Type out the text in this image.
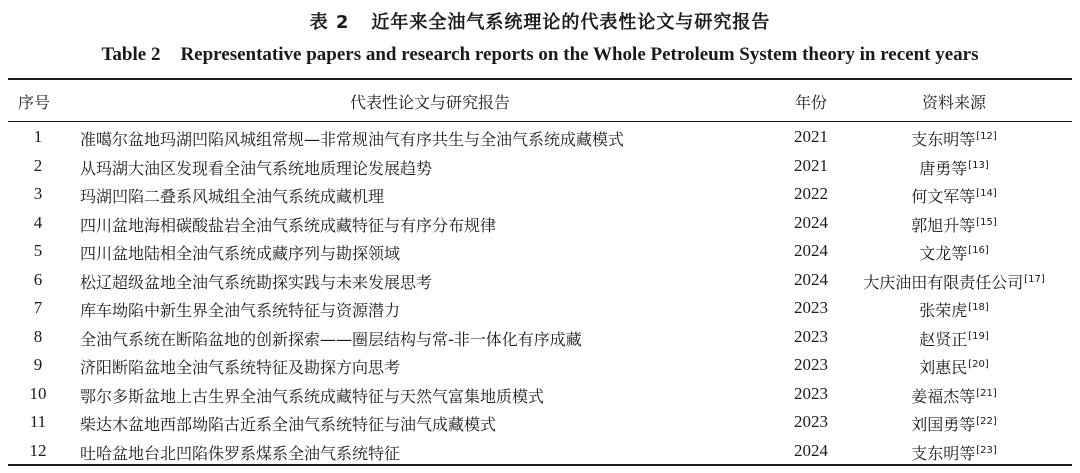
表 2 近年来全油气系统理论的代表性论文与研究报告
Table 2 Representative papers and research reports on the Whole Petroleum System theory in recent years
序号	代表性论文与研究报告	年份	资料来源
1	准噶尔盆地玛湖凹陷风城组常规—非常规油气有序共生与全油气系统成藏模式	2021	支东明等[12]
2	从玛湖大油区发现看全油气系统地质理论发展趋势	2021	唐勇等[13]
3	玛湖凹陷二叠系风城组全油气系统成藏机理	2022	何文军等[14]
4	四川盆地海相碳酸盐岩全油气系统成藏特征与有序分布规律	2024	郭旭升等[15]
5	四川盆地陆相全油气系统成藏序列与勘探领域	2024	文龙等[16]
6	松辽超级盆地全油气系统勘探实践与未来发展思考	2024	大庆油田有限责任公司[17]
7	库车坳陷中新生界全油气系统特征与资源潜力	2023	张荣虎[18]
8	全油气系统在断陷盆地的创新探索——圈层结构与常-非一体化有序成藏	2023	赵贤正[19]
9	济阳断陷盆地全油气系统特征及勘探方向思考	2023	刘惠民[20]
10	鄂尔多斯盆地上古生界全油气系统成藏特征与天然气富集地质模式	2023	姜福杰等[21]
11	柴达木盆地西部坳陷古近系全油气系统特征与油气成藏模式	2023	刘国勇等[22]
12	吐哈盆地台北凹陷侏罗系煤系全油气系统特征	2024	支东明等[23]
